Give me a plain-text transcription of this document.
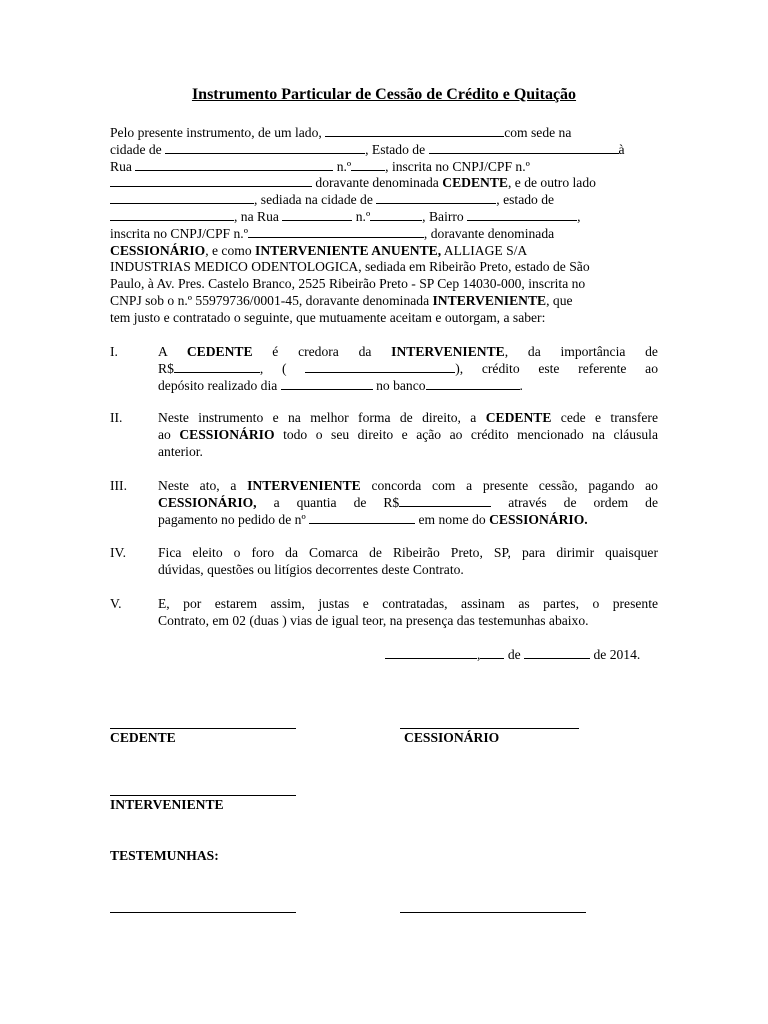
Instrumento Particular de Cessão de Crédito e Quitação

Pelo presente instrumento, de um lado,	com sede na
cidade de	, Estado de	à
Rua	n.º	, inscrita no CNPJ/CPF n.º
doravante denominada CEDENTE, e de outro lado
, sediada na cidade de	, estado de
, na Rua	n.º	, Bairro	,
inscrita no CNPJ/CPF n.º	, doravante denominada
CESSIONÁRIO, e como INTERVENIENTE ANUENTE, ALLIAGE S/A
INDUSTRIAS MEDICO ODENTOLOGICA, sediada em Ribeirão Preto, estado de São
Paulo, à Av. Pres. Castelo Branco, 2525 Ribeirão Preto - SP Cep 14030-000, inscrita no
CNPJ sob o n.º 55979736/0001-45, doravante denominada INTERVENIENTE, que
tem justo e contratado o seguinte, que mutuamente aceitam e outorgam, a saber:
I.	A CEDENTE é credora da INTERVENIENTE, da importância de
R$	, (	), crédito este referente ao
depósito realizado dia	no banco	.
II.	Neste instrumento e na melhor forma de direito, a CEDENTE cede e transfere
ao CESSIONÁRIO todo o seu direito e ação ao crédito mencionado na cláusula
anterior.
III. Neste ato, a INTERVENIENTE concorda com a presente cessão, pagando ao
CESSIONÁRIO, a quantia de R$	através de ordem de
pagamento no pedido de nº	em nome do CESSIONÁRIO.
IV. Fica eleito o foro da Comarca de Ribeirão Preto, SP, para dirimir quaisquer
dúvidas, questões ou litígios decorrentes deste Contrato.
V.	E, por estarem assim, justas e contratadas, assinam as partes, o presente
Contrato, em 02 (duas ) vias de igual teor, na presença das testemunhas abaixo.
, de	de 2014.
CEDENTE	CESSIONÁRIO
INTERVENIENTE
TESTEMUNHAS:
